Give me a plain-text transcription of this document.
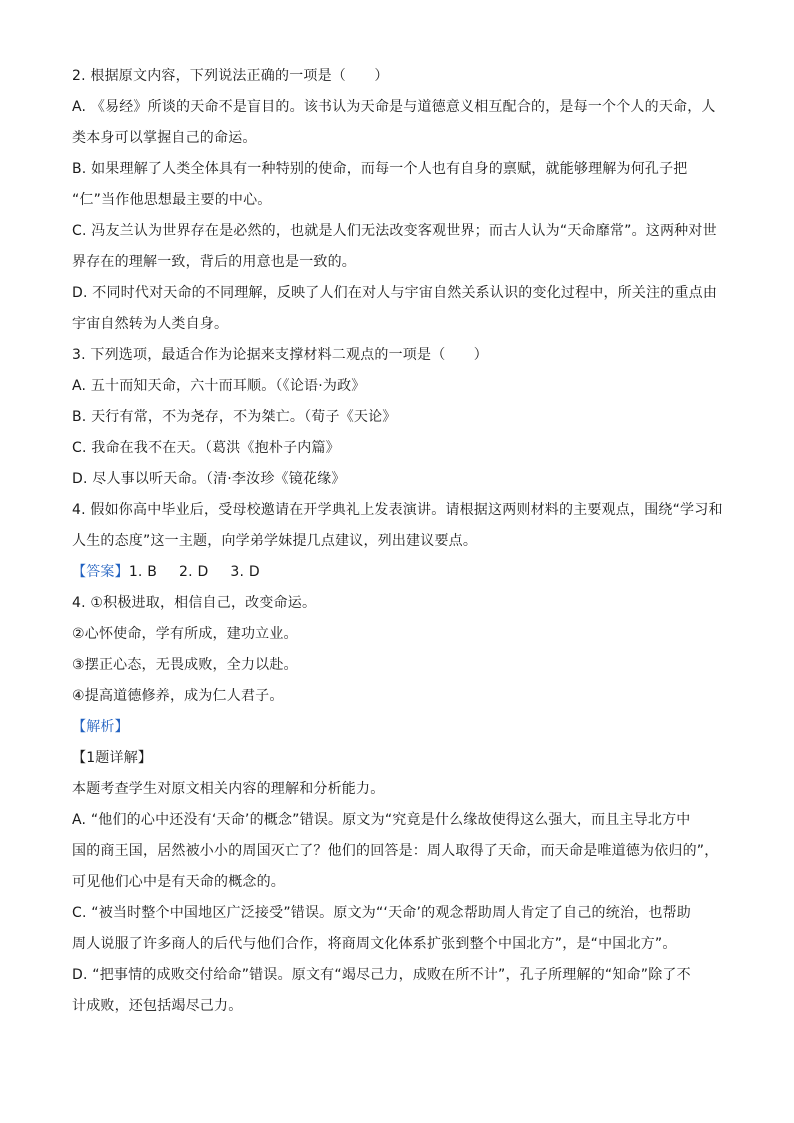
2. 根据原文内容，下列说法正确的一项是（　　）
A. 《易经》所谈的天命不是盲目的。该书认为天命是与道德意义相互配合的，是每一个个人的天命，人
类本身可以掌握自己的命运。
B. 如果理解了人类全体具有一种特别的使命，而每一个人也有自身的禀赋，就能够理解为何孔子把
“仁”当作他思想最主要的中心。
C. 冯友兰认为世界存在是必然的，也就是人们无法改变客观世界；而古人认为“天命靡常”。这两种对世
界存在的理解一致，背后的用意也是一致的。
D. 不同时代对天命的不同理解，反映了人们在对人与宇宙自然关系认识的变化过程中，所关注的重点由
宇宙自然转为人类自身。
3. 下列选项，最适合作为论据来支撑材料二观点的一项是（　　）
A. 五十而知天命，六十而耳顺。（《论语·为政》
B. 天行有常，不为尧存，不为桀亡。（荀子《天论》
C. 我命在我不在天。（葛洪《抱朴子内篇》
D. 尽人事以听天命。（清·李汝珍《镜花缘》
4. 假如你高中毕业后，受母校邀请在开学典礼上发表演讲。请根据这两则材料的主要观点，围绕“学习和
人生的态度”这一主题，向学弟学妹提几点建议，列出建议要点。
【答案】1. B 2. D 3. D
4. ①积极进取，相信自己，改变命运。
②心怀使命，学有所成，建功立业。
③摆正心态，无畏成败，全力以赴。
④提高道德修养，成为仁人君子。
【解析】
【1题详解】
本题考查学生对原文相关内容的理解和分析能力。
A. “他们的心中还没有‘天命’的概念”错误。原文为“究竟是什么缘故使得这么强大，而且主导北方中
国的商王国，居然被小小的周国灭亡了？他们的回答是：周人取得了天命，而天命是唯道德为依归的”，
可见他们心中是有天命的概念的。
C. “被当时整个中国地区广泛接受”错误。原文为“‘天命’的观念帮助周人肯定了自己的统治，也帮助
周人说服了许多商人的后代与他们合作，将商周文化体系扩张到整个中国北方”，是“中国北方”。
D. “把事情的成败交付给命”错误。原文有“竭尽己力，成败在所不计”，孔子所理解的“知命”除了不
计成败，还包括竭尽己力。
